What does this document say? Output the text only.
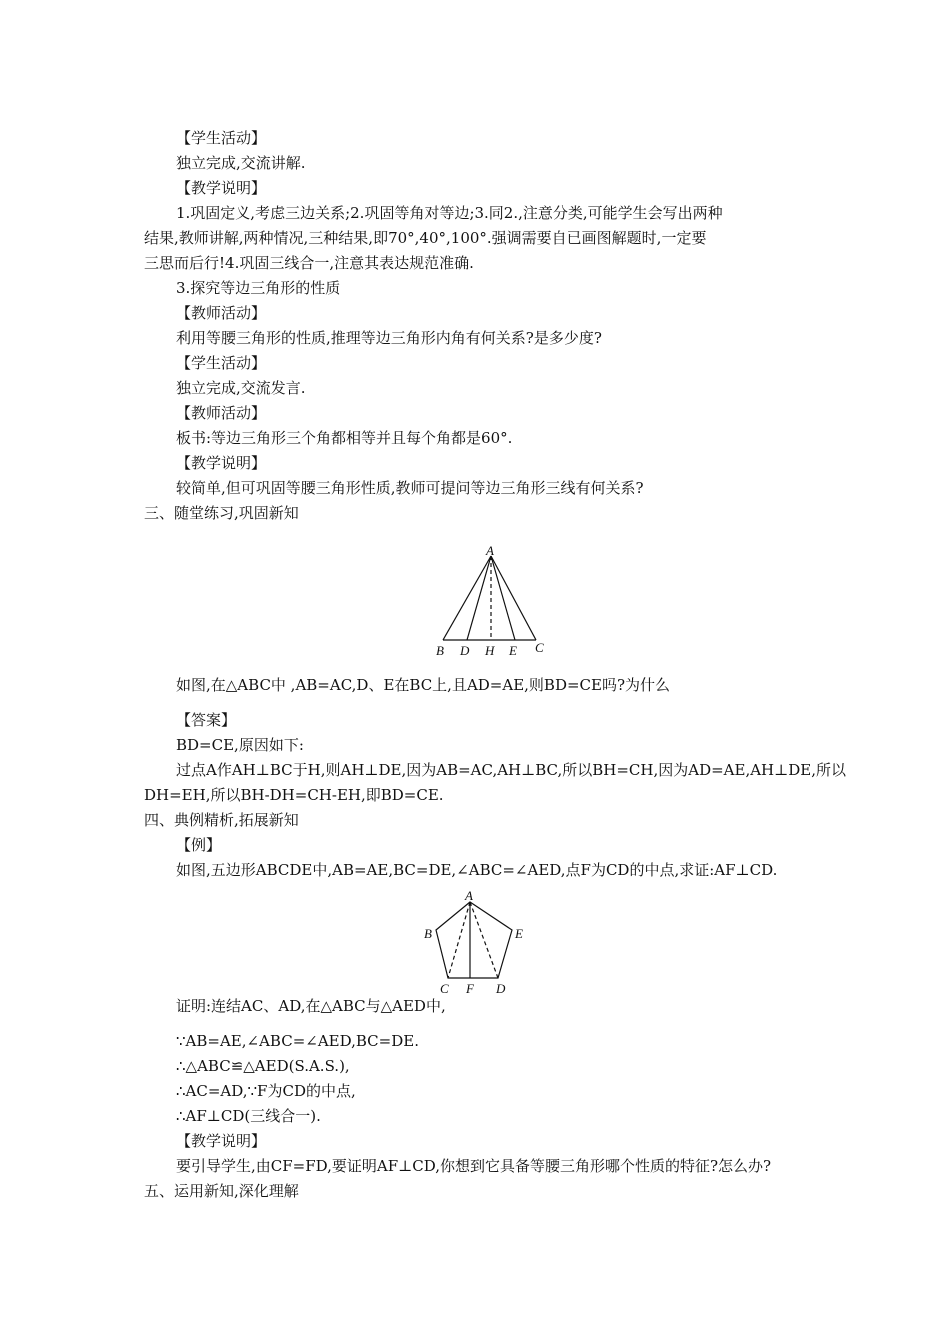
【学生活动】
独立完成,交流讲解.
【教学说明】
1.巩固定义,考虑三边关系;2.巩固等角对等边;3.同2.,注意分类,可能学生会写出两种
结果,教师讲解,两种情况,三种结果,即70°,40°,100°.强调需要自已画图解题时,一定要
三思而后行!4.巩固三线合一,注意其表达规范准确.
3.探究等边三角形的性质
【教师活动】
利用等腰三角形的性质,推理等边三角形内角有何关系?是多少度?
【学生活动】
独立完成,交流发言.
【教师活动】
板书:等边三角形三个角都相等并且每个角都是60°.
【教学说明】
较简单,但可巩固等腰三角形性质,教师可提问等边三角形三线有何关系?
三、随堂练习,巩固新知
A
B D H E C
如图,在△ABC中 ,AB=AC,D、E在BC上,且AD=AE,则BD=CE吗?为什么
【答案】
BD=CE,原因如下:
过点A作AH⊥BC于H,则AH⊥DE,因为AB=AC,AH⊥BC,所以BH=CH,因为AD=AE,AH⊥DE,所以
DH=EH,所以BH-DH=CH-EH,即BD=CE.
四、典例精析,拓展新知
【例】
如图,五边形ABCDE中,AB=AE,BC=DE,∠ABC=∠AED,点F为CD的中点,求证:AF⊥CD.
A
B
C F D
E
证明:连结AC、AD,在△ABC与△AED中,
∵AB=AE,∠ABC=∠AED,BC=DE.
∴△ABC≌△AED(S.A.S.),
∴AC=AD,∵F为CD的中点,
∴AF⊥CD(三线合一).
【教学说明】
要引导学生,由CF=FD,要证明AF⊥CD,你想到它具备等腰三角形哪个性质的特征?怎么办?
五、运用新知,深化理解
